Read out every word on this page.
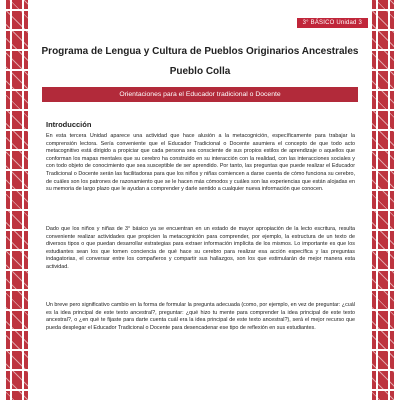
3° BÁSICO Unidad 3
Programa de Lengua y Cultura de Pueblos Originarios Ancestrales
Pueblo Colla
Orientaciones para el Educador tradicional o Docente
Introducción

En esta tercera Unidad aparece una actividad que hace alusión a la metacognición, específicamente para trabajar la comprensión lectora. Sería conveniente que el Educador Tradicional o Docente asumiera el concepto de que todo acto metacognitivo está dirigido a propiciar que cada persona sea consciente de sus propios estilos de aprendizaje o aquellos que conforman los mapas mentales que su cerebro ha construido en su interacción con la realidad, con las interacciones sociales y con todo objeto de conocimiento que sea susceptible de ser aprendido. Por tanto, las preguntas que puede realizar el Educador Tradicional o Docente serán las facilitadoras para que los niños y niñas comiencen a darse cuenta de cómo funciona su cerebro, de cuáles son los patrones de razonamiento que se le hacen más cómodos y cuáles son las experiencias que están alojadas en su memoria de largo plazo que le ayudan a comprender y darle sentido a cualquier nueva información que conocen.

Dado que los niños y niñas de 3° básico ya se encuentran en un estado de mayor apropiación de la lecto escritura, resulta conveniente realizar actividades que propicien la metacognición para comprender, por ejemplo, la estructura de un texto de diversos tipos o que puedan desarrollar estrategias para extraer información implícita de los mismos. Lo importante es que los estudiantes sean los que tomen conciencia de qué hace su cerebro para realizar esa acción específica y las preguntas indagatorias, el conversar entre los compañeros y compartir sus hallazgos, son los que estimularán de mejor manera esta actividad.

Un breve pero significativo cambio en la forma de formular la pregunta adecuada (como, por ejemplo, en vez de preguntar: ¿cuál es la idea principal de este texto ancestral?, preguntar: ¿qué hizo tu mente para comprender la idea principal de este texto ancestral?, o ¿en qué te fijaste para darte cuenta cuál era la idea principal de este texto ancestral?), será el mejor recurso que pueda desplegar el Educador Tradicional o Docente para desencadenar ese tipo de reflexión en sus estudiantes.
